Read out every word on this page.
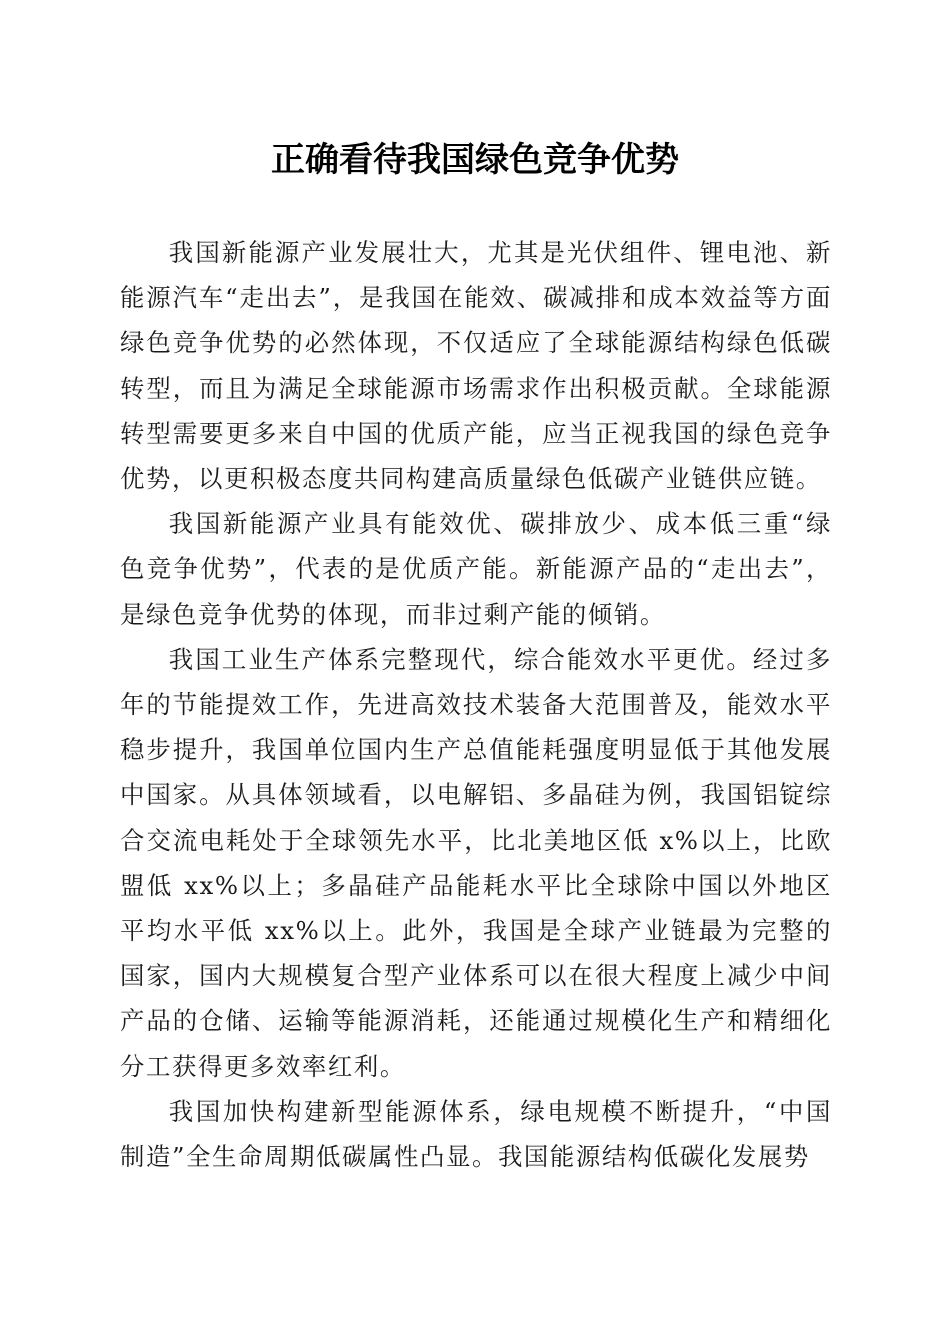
正确看待我国绿色竞争优势

我国新能源产业发展壮大，尤其是光伏组件、锂电池、新能源汽车“走出去”，是我国在能效、碳减排和成本效益等方面绿色竞争优势的必然体现，不仅适应了全球能源结构绿色低碳转型，而且为满足全球能源市场需求作出积极贡献。全球能源转型需要更多来自中国的优质产能，应当正视我国的绿色竞争优势，以更积极态度共同构建高质量绿色低碳产业链供应链。

我国新能源产业具有能效优、碳排放少、成本低三重“绿色竞争优势”，代表的是优质产能。新能源产品的“走出去”，是绿色竞争优势的体现，而非过剩产能的倾销。

我国工业生产体系完整现代，综合能效水平更优。经过多年的节能提效工作，先进高效技术装备大范围普及，能效水平稳步提升，我国单位国内生产总值能耗强度明显低于其他发展中国家。从具体领域看，以电解铝、多晶硅为例，我国铝锭综合交流电耗处于全球领先水平，比北美地区低 x%以上，比欧盟低 xx%以上；多晶硅产品能耗水平比全球除中国以外地区平均水平低 xx%以上。此外，我国是全球产业链最为完整的国家，国内大规模复合型产业体系可以在很大程度上减少中间产品的仓储、运输等能源消耗，还能通过规模化生产和精细化分工获得更多效率红利。

我国加快构建新型能源体系，绿电规模不断提升，“中国制造”全生命周期低碳属性凸显。我国能源结构低碳化发展势
